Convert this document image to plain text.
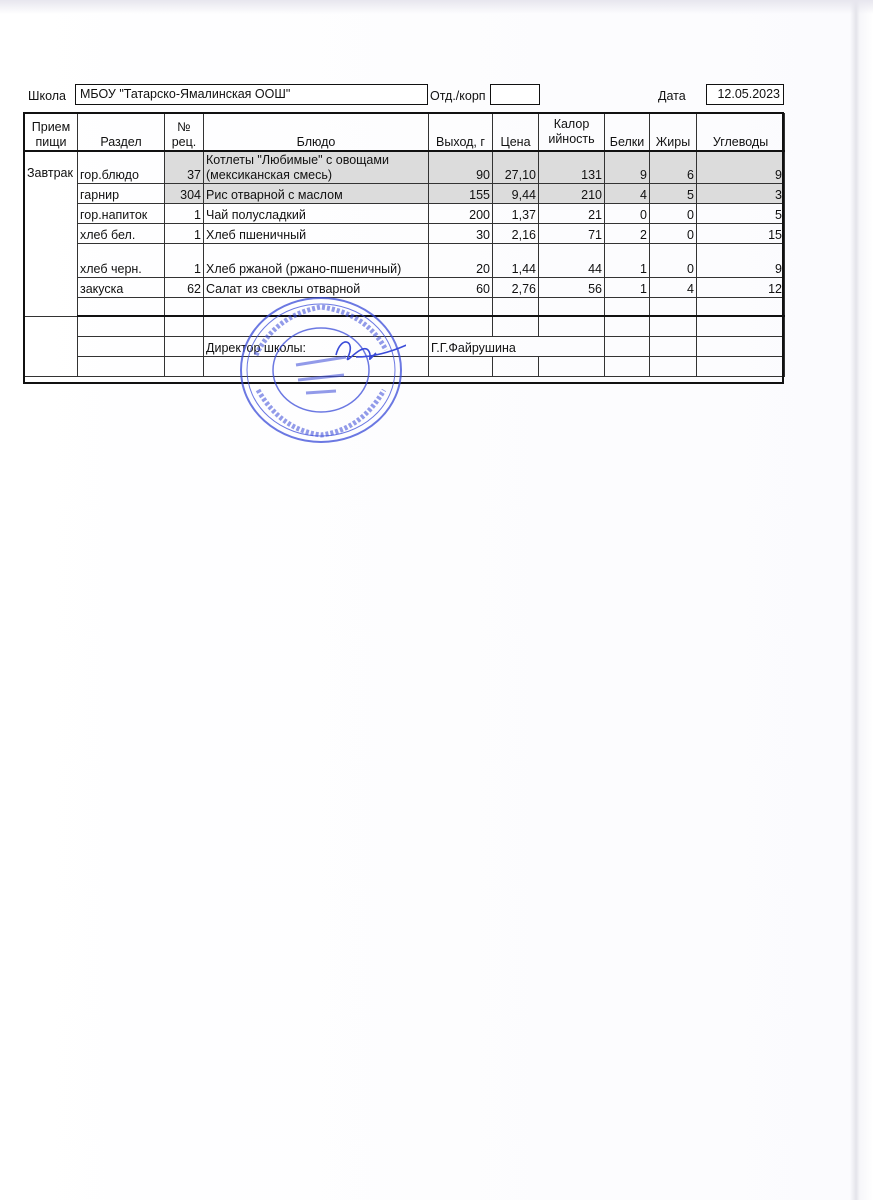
Школа	МБОУ "Татарско-Ямалинская ООШ"	Отд./корп	Дата	12.05.2023
Прием пищи	Раздел	№ рец.	Блюдо	Выход, г	Цена	Калор ийность	Белки	Жиры	Углеводы
Завтрак	гор.блюдо	37	Котлеты "Любимые" с овощами (мексиканская смесь)	90	27,10	131	9	6	9
	гарнир	304	Рис отварной с маслом	155	9,44	210	4	5	3
	гор.напиток	1	Чай полусладкий	200	1,37	21	0	0	5
	хлеб бел.	1	Хлеб пшеничный	30	2,16	71	2	0	15
	хлеб черн.	1	Хлеб ржаной (ржано-пшеничный)	20	1,44	44	1	0	9
	закуска	62	Салат из свеклы отварной	60	2,76	56	1	4	12

			Директор школы:	Г.Г.Файрушина					
